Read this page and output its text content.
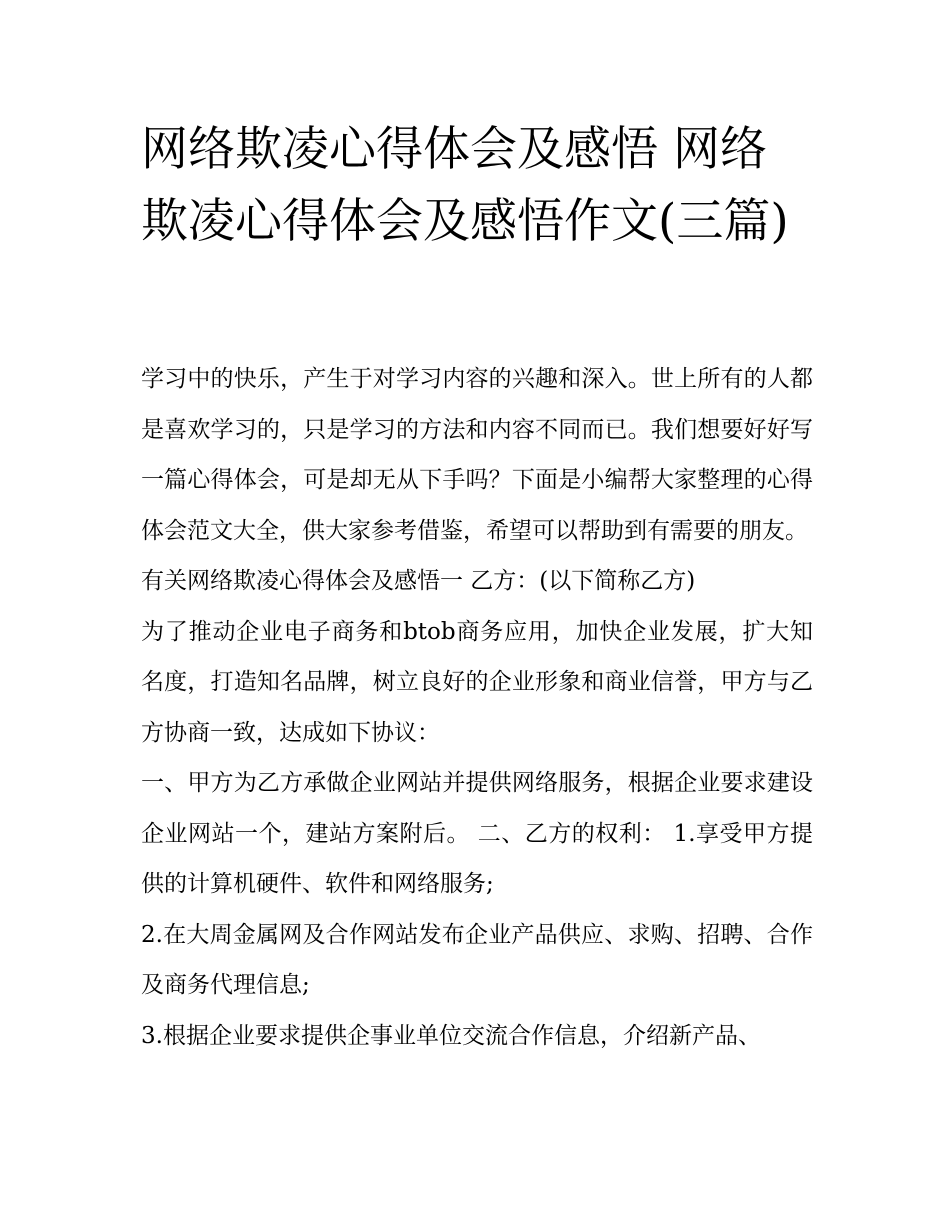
网络欺凌心得体会及感悟 网络欺凌心得体会及感悟作文(三篇)

学习中的快乐，产生于对学习内容的兴趣和深入。世上所有的人都是喜欢学习的，只是学习的方法和内容不同而已。我们想要好好写一篇心得体会，可是却无从下手吗？下面是小编帮大家整理的心得体会范文大全，供大家参考借鉴，希望可以帮助到有需要的朋友。

有关网络欺凌心得体会及感悟一 乙方：(以下简称乙方)

为了推动企业电子商务和btob商务应用，加快企业发展，扩大知名度，打造知名品牌，树立良好的企业形象和商业信誉，甲方与乙方协商一致，达成如下协议：

一、甲方为乙方承做企业网站并提供网络服务，根据企业要求建设企业网站一个，建站方案附后。 二、乙方的权利： 1.享受甲方提供的计算机硬件、软件和网络服务;

2.在大周金属网及合作网站发布企业产品供应、求购、招聘、合作及商务代理信息;

3.根据企业要求提供企事业单位交流合作信息，介绍新产品、
